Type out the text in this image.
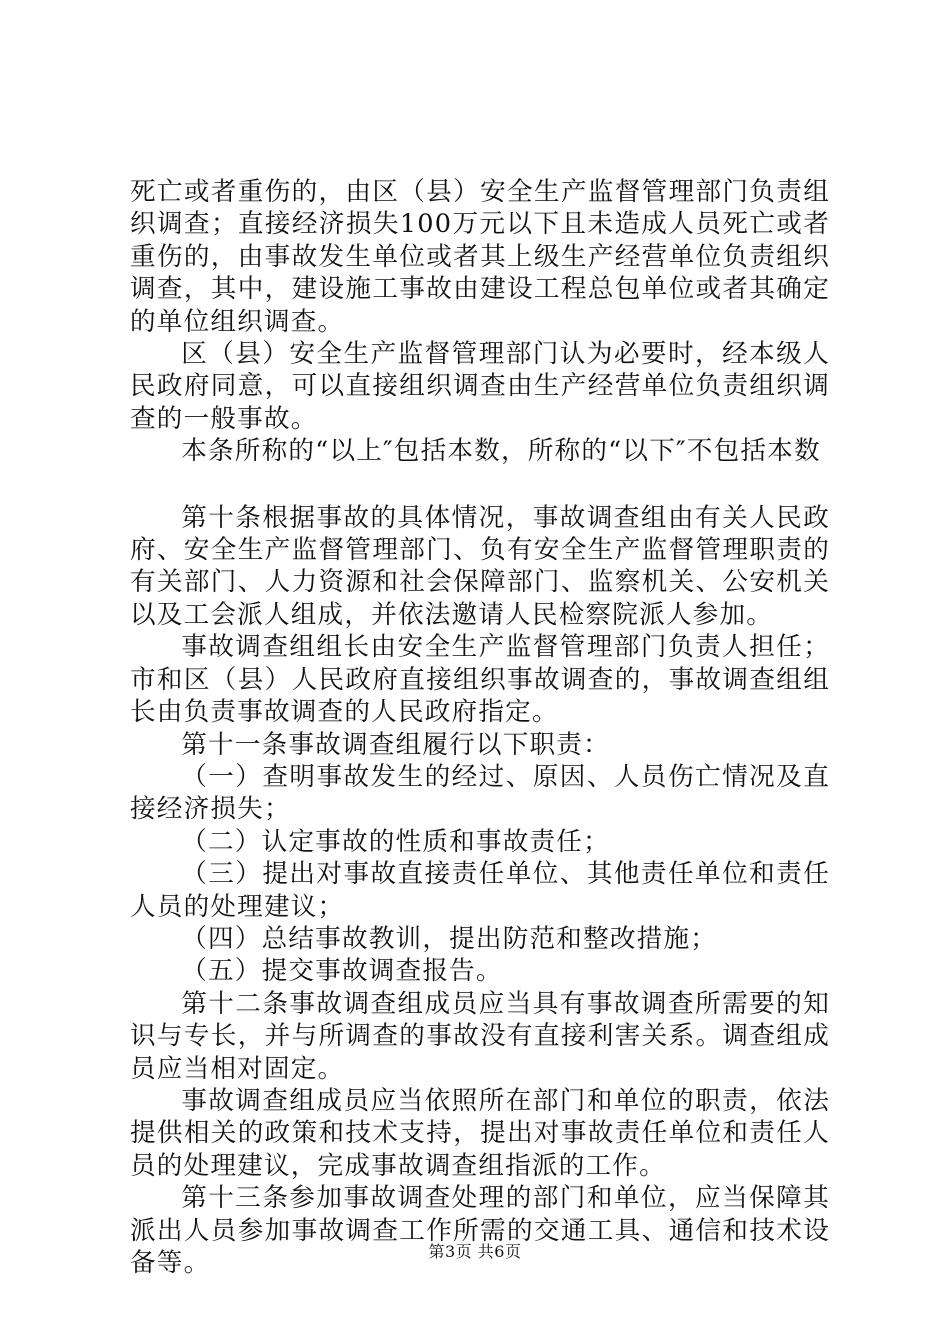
死亡或者重伤的，由区（县）安全生产监督管理部门负责组织调查；直接经济损失100万元以下且未造成人员死亡或者重伤的，由事故发生单位或者其上级生产经营单位负责组织调查，其中，建设施工事故由建设工程总包单位或者其确定的单位组织调查。

区（县）安全生产监督管理部门认为必要时，经本级人民政府同意，可以直接组织调查由生产经营单位负责组织调查的一般事故。

本条所称的“以上″包括本数，所称的“以下″不包括本数

第十条根据事故的具体情况，事故调查组由有关人民政府、安全生产监督管理部门、负有安全生产监督管理职责的有关部门、人力资源和社会保障部门、监察机关、公安机关以及工会派人组成，并依法邀请人民检察院派人参加。

事故调查组组长由安全生产监督管理部门负责人担任；市和区（县）人民政府直接组织事故调查的，事故调查组组长由负责事故调查的人民政府指定。

第十一条事故调查组履行以下职责：

（一）查明事故发生的经过、原因、人员伤亡情况及直接经济损失；

（二）认定事故的性质和事故责任；

（三）提出对事故直接责任单位、其他责任单位和责任人员的处理建议；

（四）总结事故教训，提出防范和整改措施；

（五）提交事故调查报告。

第十二条事故调查组成员应当具有事故调查所需要的知识与专长，并与所调查的事故没有直接利害关系。调查组成员应当相对固定。

事故调查组成员应当依照所在部门和单位的职责，依法提供相关的政策和技术支持，提出对事故责任单位和责任人员的处理建议，完成事故调查组指派的工作。

第十三条参加事故调查处理的部门和单位，应当保障其派出人员参加事故调查工作所需的交通工具、通信和技术设备等。	第3页 共6页
